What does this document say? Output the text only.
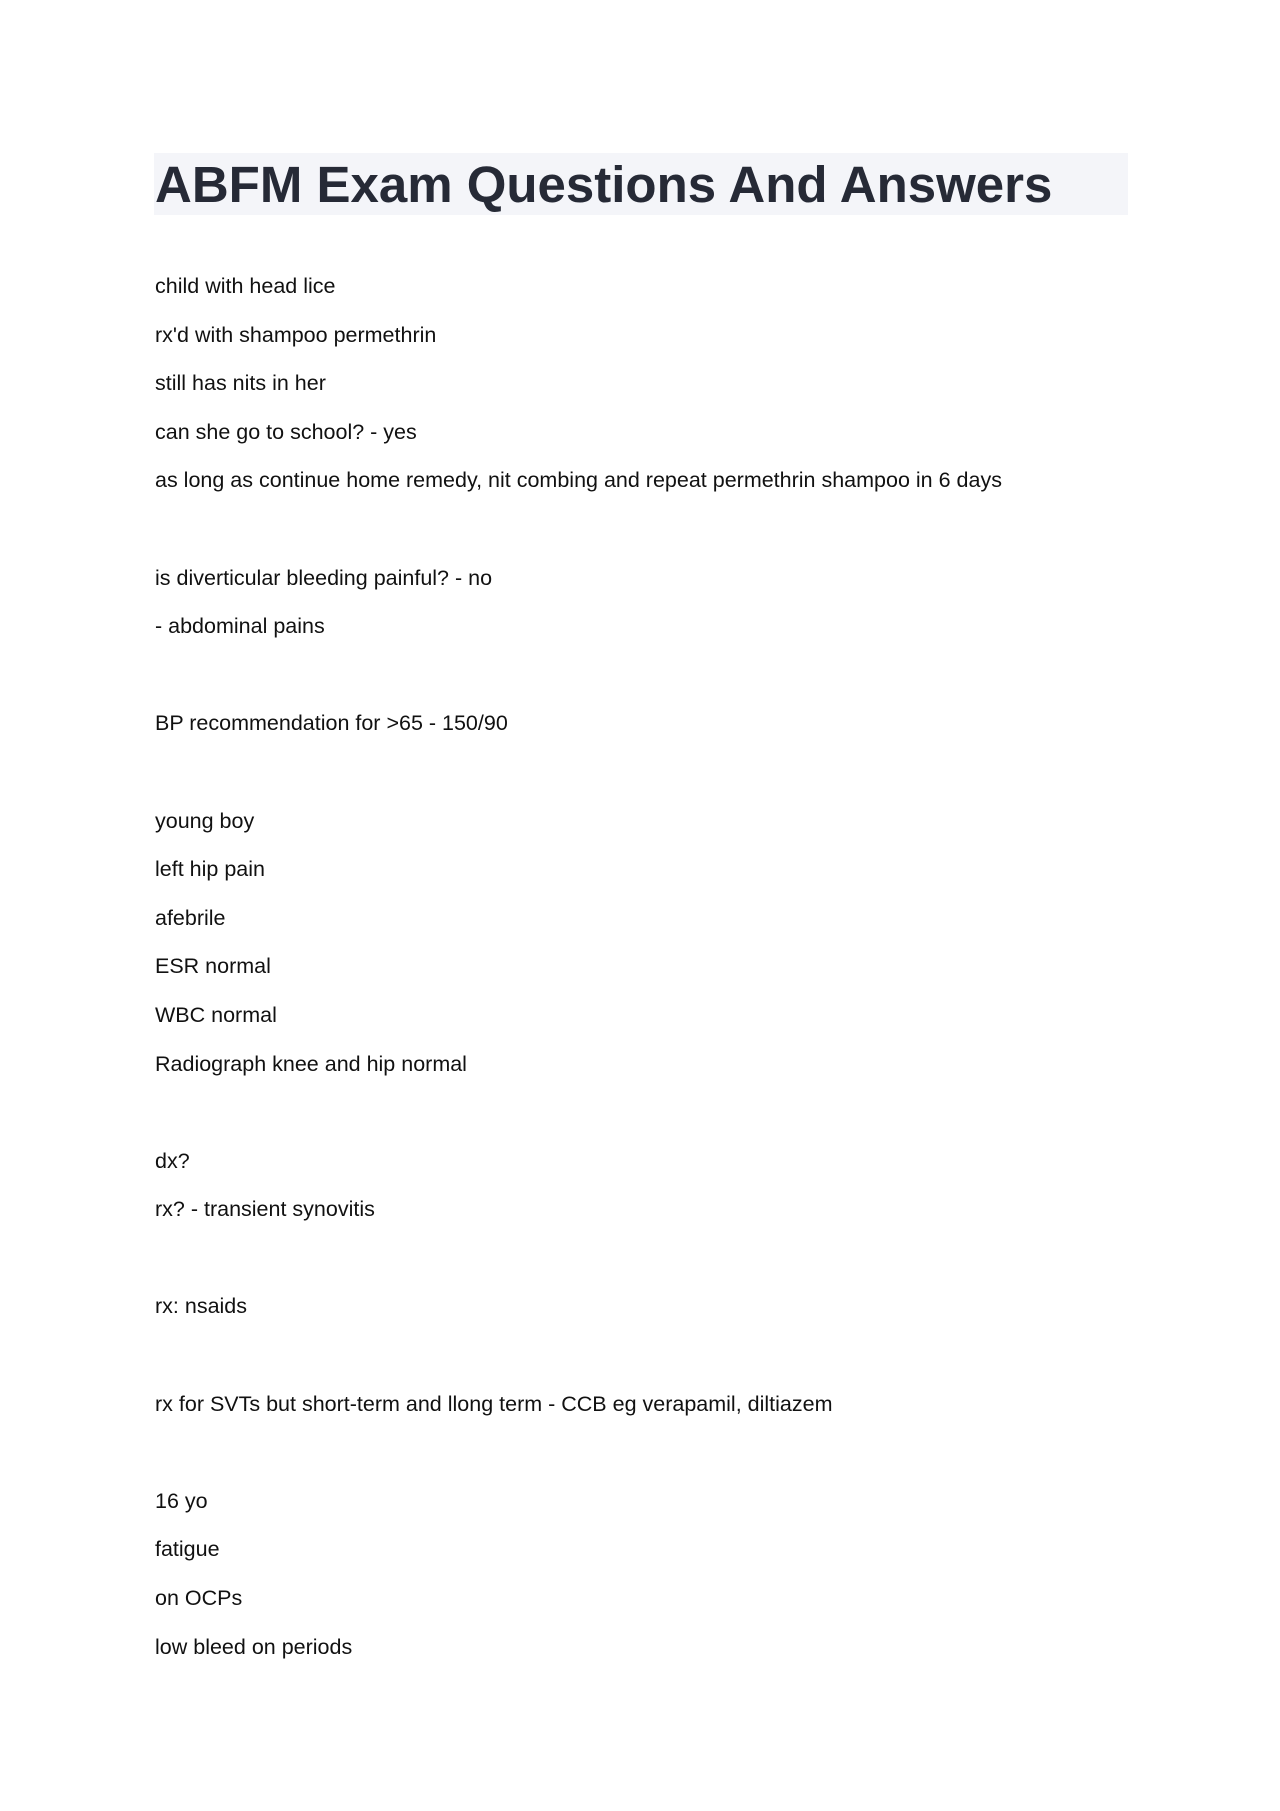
ABFM Exam Questions And Answers
child with head lice
rx'd with shampoo permethrin
still has nits in her
can she go to school? - yes
as long as continue home remedy, nit combing and repeat permethrin shampoo in 6 days
is diverticular bleeding painful? - no
- abdominal pains
BP recommendation for >65 - 150/90
young boy
left hip pain
afebrile
ESR normal
WBC normal
Radiograph knee and hip normal
dx?
rx? - transient synovitis
rx: nsaids
rx for SVTs but short-term and llong term - CCB eg verapamil, diltiazem
16 yo
fatigue
on OCPs
low bleed on periods
